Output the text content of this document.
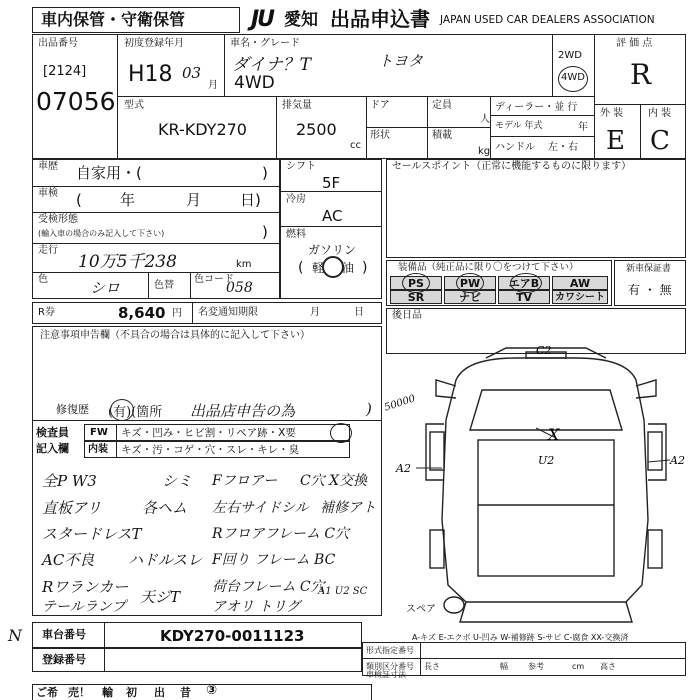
車内保管・守衛保管	JU 愛知 出品申込書 JAPAN USED CAR DEALERS ASSOCIATION
出品番号
[2124]
07056
初度登録年月
H18 03
月
車名・グレード
ダイナ？T	トヨタ
4WD
2WD
4WD
評 価 点
R
外 装 内 装
E C
型式
KR-KDY270
排気量
2500
cc
ドア
形状
定員
人
積載
kg
ディーラー・並 行
モデル 年式	年
ハンドル 左・右
車歴 自家用・(	)
車検 (	年	月	日)
受検形態
(輸入車の場合のみ記入して下さい)	)
走行
10万5千238	km
色	シロ	色替
色コード
058
シフト
5F
冷房
AC
燃料
ガソリン
( 軽 油 )
セールスポイント（正常に機能するものに限ります）
装備品（純正品に限り〇をつけて下さい）
PS	PW	エアB	AW
SR	ナビ	TV	カワシート
新車保証書
有 ・ 無
後日品
R券	8,640 円 名変通知期限	月	日
注意事項申告欄（不具合の場合は具体的に記入して下さい）
修復歴 (有)(箇所 出品店申告の為	) 50000
検査員
記入欄
FW キズ・凹み・ヒビ割・リペア跡・X要
内装 キズ・汚・コゲ・穴・スレ・キレ・臭
全P W3	シミ Fフロアー C穴 X交換
直板アリ	各ヘム 左右サイドシル 補修アト
スタードレスT	Rフロアフレーム C穴
AC不良 ハドルスレ F回り フレーム BC
Rワランカー
天ジT
荷台フレーム C穴
A1 U2 SC
テールランプ	アオリ トリグ
C2
X
U2
A2
A2
スペア
A-キズ E-エクボ U-凹み W-補修跡 S-サビ C-腐食 XX-交換済
N 車台番号	KDY270-0011123
登録番号
形式指定番号
類別区分番号
車検証寸法
長さ	幅	参考	cm 高さ
ご希 売！ 輸 初 出 昔 ③
